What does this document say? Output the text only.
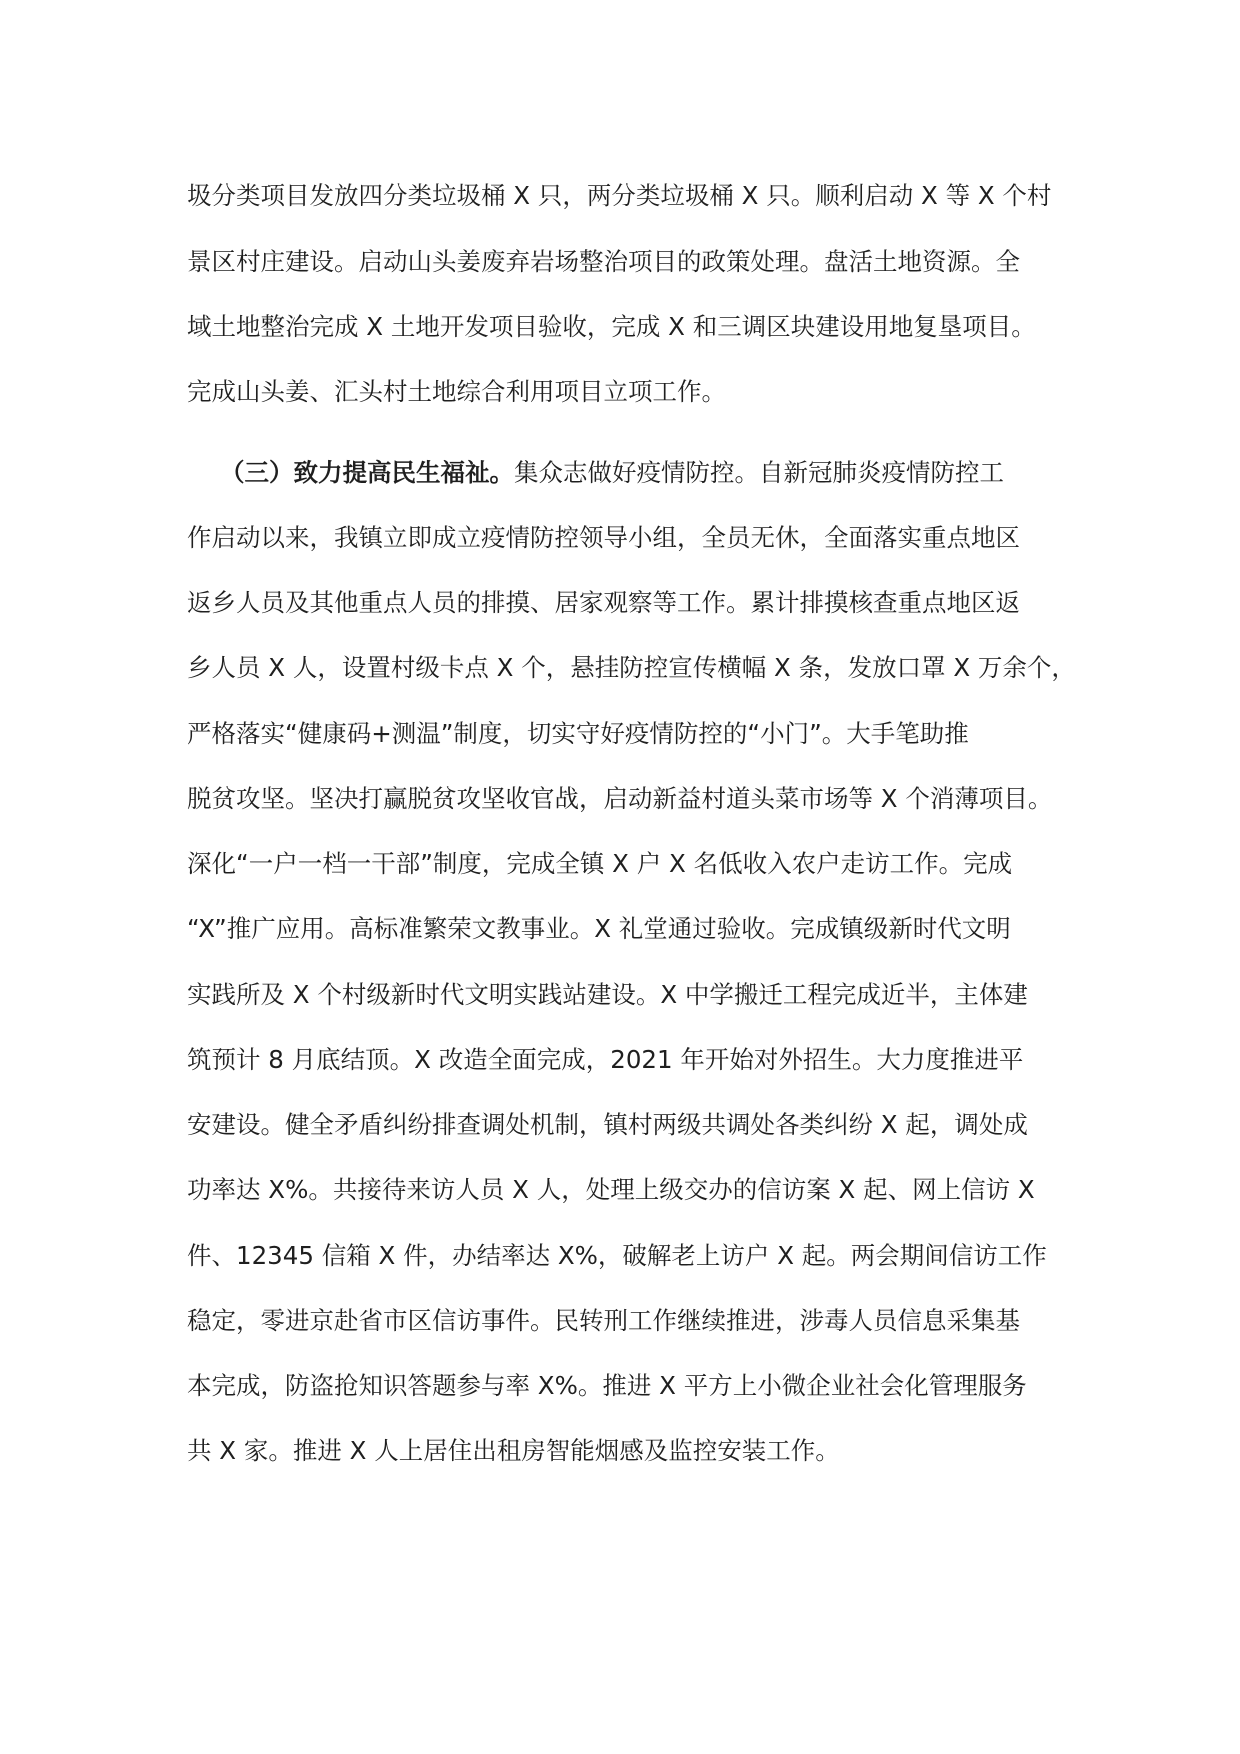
圾分类项目发放四分类垃圾桶 X 只，两分类垃圾桶 X 只。顺利启动 X 等 X 个村
景区村庄建设。启动山头姜废弃岩场整治项目的政策处理。盘活土地资源。全
域土地整治完成 X 土地开发项目验收，完成 X 和三调区块建设用地复垦项目。
完成山头姜、汇头村土地综合利用项目立项工作。
（三）致力提高民生福祉。集众志做好疫情防控。自新冠肺炎疫情防控工
作启动以来，我镇立即成立疫情防控领导小组，全员无休，全面落实重点地区
返乡人员及其他重点人员的排摸、居家观察等工作。累计排摸核查重点地区返
乡人员 X 人，设置村级卡点 X 个，悬挂防控宣传横幅 X 条，发放口罩 X 万余个，
严格落实“健康码+测温”制度，切实守好疫情防控的“小门”。大手笔助推
脱贫攻坚。坚决打赢脱贫攻坚收官战，启动新益村道头菜市场等 X 个消薄项目。
深化“一户一档一干部”制度，完成全镇 X 户 X 名低收入农户走访工作。完成
“X”推广应用。高标准繁荣文教事业。X 礼堂通过验收。完成镇级新时代文明
实践所及 X 个村级新时代文明实践站建设。X 中学搬迁工程完成近半，主体建
筑预计 8 月底结顶。X 改造全面完成，2021 年开始对外招生。大力度推进平
安建设。健全矛盾纠纷排查调处机制，镇村两级共调处各类纠纷 X 起，调处成
功率达 X%。共接待来访人员 X 人，处理上级交办的信访案 X 起、网上信访 X
件、12345 信箱 X 件，办结率达 X%，破解老上访户 X 起。两会期间信访工作
稳定，零进京赴省市区信访事件。民转刑工作继续推进，涉毒人员信息采集基
本完成，防盗抢知识答题参与率 X%。推进 X 平方上小微企业社会化管理服务
共 X 家。推进 X 人上居住出租房智能烟感及监控安装工作。
